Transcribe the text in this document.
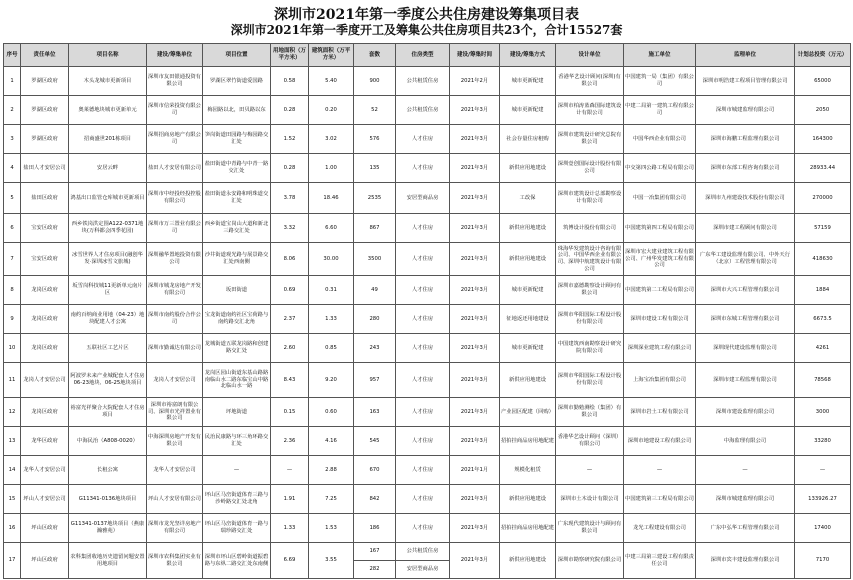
深圳市2021年第一季度公共住房建设筹集项目表
深圳市2021年第一季度开工及筹集公共住房项目共23个，合计15527套
序号	责任单位	项目名称	建设/筹集单位	项目位置	用地面积（万平方米）	建筑面积（万平方米）	套数	住房类型	建设/筹集时间	建设/筹集方式	设计单位	施工单位	监理单位	计划总投资（万元）
1	罗湖区政府	木头龙城市更新项目	深圳市友田银通投资有限公司	罗湖区翠竹街道爱国路	0.58	5.40	900	公共租赁住房	2021年2月	城市更新配建	香港华艺设计顾问(深圳)有限公司	中国建筑一局（集团）有限公司	深圳市明浩建工程项目管理有限公司	65000
2	罗湖区政府	奥莱德地块城市更新单元	深圳市信荣投资有限公司	梅园路以北，田贝路以东	0.28	0.20	52	公共租赁住房	2021年3月	城市更新配建	深圳市柏涛蓝森国际建筑设计有限公司	中建二局第一建筑工程有限公司	深圳市城建监理有限公司	2050
3	罗湖区政府	招商盛世201栋项目	深圳招商房地产有限公司	笋岗街道田园路与梅园路交汇处	1.52	3.02	576	人才住房	2021年3月	社会存量住房租购	深圳市建筑设计研究总院有限公司	中国华西企业有限公司	深圳市海鹏工程监理有限公司	164300
4	盐田人才安居公司	安居云畔	盐田人才安居有限公司	盐田街道中青路与中青一路交汇处	0.28	1.00	135	人才住房	2021年3月	新供应用地建设	深圳壹创国际设计股份有限公司	中交第四公路工程局有限公司	深圳市东部工程咨询有限公司	28933.44
5	盐田区政府	鸿基出口监管仓库城市更新项目	深圳市中经投经投控股有限公司	盐田街道永安路和明珠道交汇处	3.78	18.46	2535	安居型商品房	2021年3月	工改保	深圳市建筑设计总部勘察设计有限公司	中国一冶集团有限公司	深圳市九州建设技术股份有限公司	270000
6	宝安区政府	西乡铁岗洪定围A122-0371地块(万科都会四季花园)	深圳市万三置业有限公司	西乡街道宝岗山大道和新北三路交汇处	3.32	6.60	867	人才住房	2021年3月	新供应用地建设	筑博设计股份有限公司	中国建筑第四工程局有限公司	深圳市建工程顾问有限公司	57159
7	宝安区政府	冰雪世界人才住房项目(融创华发·深圳冰雪文旅城)	深圳融华置地投资有限公司	沙井街道观光路与展景路交汇处西南侧	8.06	30.00	3500	人才住房	2021年3月	新供应用地建设	珠海华发建筑设计咨询有限公司、中国华西企业有限公司、深圳中航建筑设计有限公司	深圳市宏大建业建筑工程有限公司、广州华发建筑工程有限公司	广东华工建设监理有限公司、中外天行（北京）工程管理有限公司	418630
8	龙岗区政府	坂雪岗科技城11更新单元南片区	深圳市城龙房地产开发有限公司	坂田街道	0.69	0.31	49	人才住房	2021年3月	城市更新配建	深圳市嘉德勘察设计顾问有限公司	中国建筑第二工程局有限公司	深圳市大兴工程管理有限公司	1884
9	龙岗区政府	南约百纳商业用地（04-23）地块配建人才公寓	深圳市南约股份合作公司	宝龙街道南约社区宝荷路与南约路交汇北角	2.37	1.33	280	人才住房	2021年3月	征地返还用地建设	深圳市华阳国际工程设计股份有限公司	深圳市建设工程有限公司	深圳市东城工程管理有限公司	6673.5
10	龙岗区政府	五联社区工艺片区	深圳市勤诚达有限公司	龙城街道五联龙岗路和创建路交汇处	2.60	0.85	243	人才住房	2021年3月	城市更新配建	中国建筑西南勘察设计研究院有限公司	深圳深业建筑工程有限公司	深圳现代建设监理有限公司	4261
11	龙岗人才安居公司	阿波罗未来产业城配套人才住房06-23地块、06-25地块项目	龙岗人才安居公司	龙岗区园山街道东基山路路南临山水二路东临宝山中路北临山水一路	8.43	9.20	957	人才住房	2021年3月	新供应用地建设	深圳市华阳国际工程设计股份有限公司	上海宝冶集团有限公司	深圳市建工程监理有限公司	78568
12	龙岗区政府	裕富光祥聚合大院配套人才住房项目	深圳市裕富朗有限公司、深圳市光祥置业有限公司	坪地街道	0.15	0.60	163	人才住房	2021年3月	产业园区配建（回购）	深圳市勤勉测绘（集团）有限公司	深圳市岩土工程有限公司	深圳市建设监理有限公司	3000
13	龙华区政府	中海民治（A808-0020）	中海深圳房地产开发有限公司	民治民康路与环三角环路交汇处	2.36	4.16	545	人才住房	2021年3月	招拍挂商品房用地配建	香港华艺设计顾问（深圳）有限公司	深圳市地建设工程有限公司	中海监理有限公司	33280
14	龙华人才安居公司	长租公寓	龙华人才安居公司	—	—	2.88	670	人才住房	2021年1月	规模化租赁	—	—	—	—
15	坪山人才安居公司	G11341-0136地块项目	坪山人才安居有限公司	坪山区马峦街道体育三路与沙岭路交汇处北角	1.91	7.25	842	人才住房	2021年3月	新供应用地建设	深圳市土木设计有限公司	中国建筑第三工程局有限公司	深圳市城建监理有限公司	133926.27
16	坪山区政府	G11341-0137地块项目（燕康瀚雅苑）	深圳市龙光坚详房地产有限公司	坪山区马峦街道体育一路与瑞珍路交汇处	1.33	1.53	186	人才住房	2021年3月	招拍挂商品房用地配建	广东现代建筑设计与顾问有限公司	龙光工程建设有限公司	广东中弘华工程管理有限公司	17400
17	坪山区政府	农科集团收地历史遗留问题安置用地项目	深圳市农科集团实业有限公司	深圳市坪山区碧岭街道振碧路与东纵二路交汇处东南侧	6.69	3.55	167	公共租赁住房	2021年3月	新供应用地建设	深圳市勘察研究院有限公司	中建三局第三建设工程有限责任公司	深圳市宾丰建设监理有限公司	7170
							282	安居型商品房						
